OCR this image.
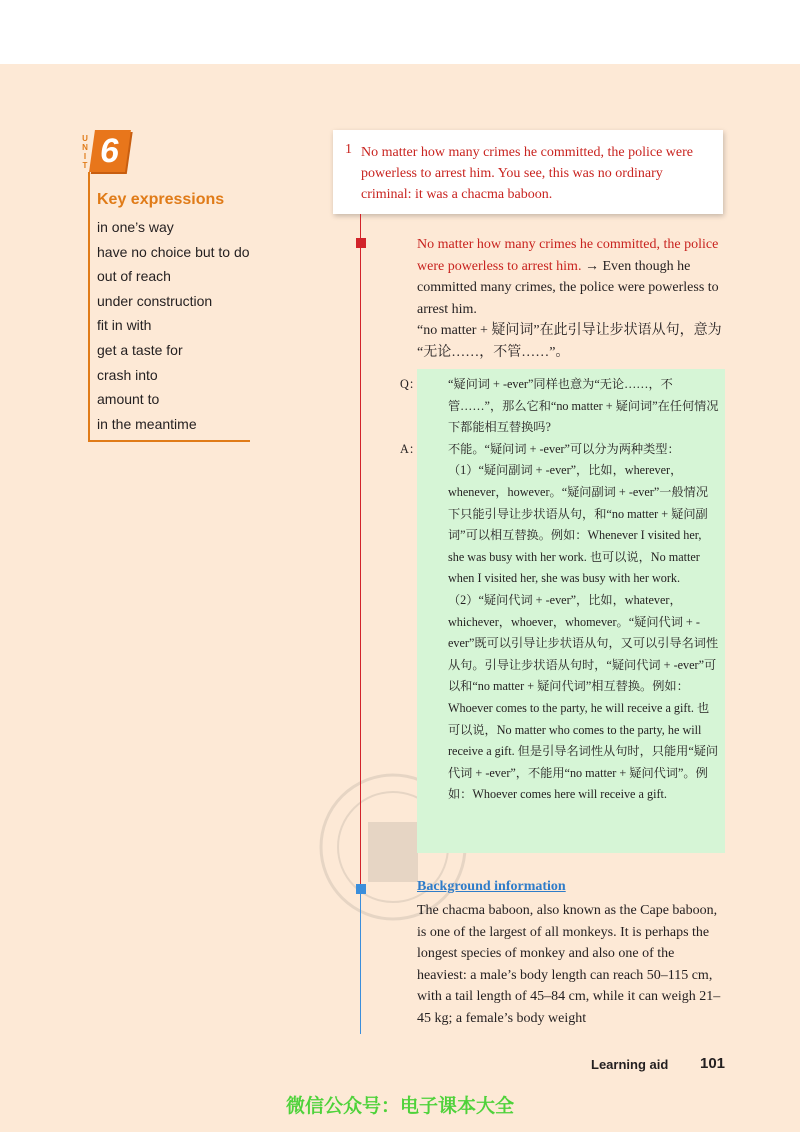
U
N
I
T 6
Key expressions
in one’s way
have no choice but to do
out of reach
under construction
fit in with
get a taste for
crash into
amount to
in the meantime
1 No matter how many crimes he committed, the police were powerless to arrest him. You see, this was no ordinary criminal: it was a chacma baboon.
No matter how many crimes he committed, the police were powerless to arrest him. → Even though he committed many crimes, the police were powerless to arrest him.
“no matter + 疑问词”在此引导让步状语从句，意为
“无论……，不管……”。

Q： “疑问词 + -ever”同样也意为“无论……，不管……”，那么它和“no matter + 疑问词”在任何情况下都能相互替换吗?

A： 不能。“疑问词 + -ever”可以分为两种类型：

（1）“疑问副词 + -ever”，比如，wherever，whenever，however。“疑问副词 + -ever”一般情况下只能引导让步状语从句，和“no matter + 疑问副词”可以相互替换。例如：Whenever I visited her, she was busy with her work. 也可以说，No matter when I visited her, she was busy with her work.（2）“疑问代词 + -ever”，比如，whatever，whichever，whoever，whomever。“疑问代词 + -ever”既可以引导让步状语从句，又可以引导名词性从句。引导让步状语从句时，“疑问代词 + -ever”可以和“no matter + 疑问代词”相互替换。例如：Whoever comes to the party, he will receive a gift. 也可以说，No matter who comes to the party, he will receive a gift. 但是引导名词性从句时，只能用“疑问代词 + -ever”，不能用“no matter + 疑问代词”。例如：Whoever comes here will receive a gift.

Background information
The chacma baboon, also known as the Cape baboon, is one of the largest of all monkeys. It is perhaps the longest species of monkey and also one of the heaviest: a male’s body length can reach 50–115 cm, with a tail length of 45–84 cm, while it can weigh 21–45 kg; a female’s body weight
Learning aid 101
微信公众号：电子课本大全
